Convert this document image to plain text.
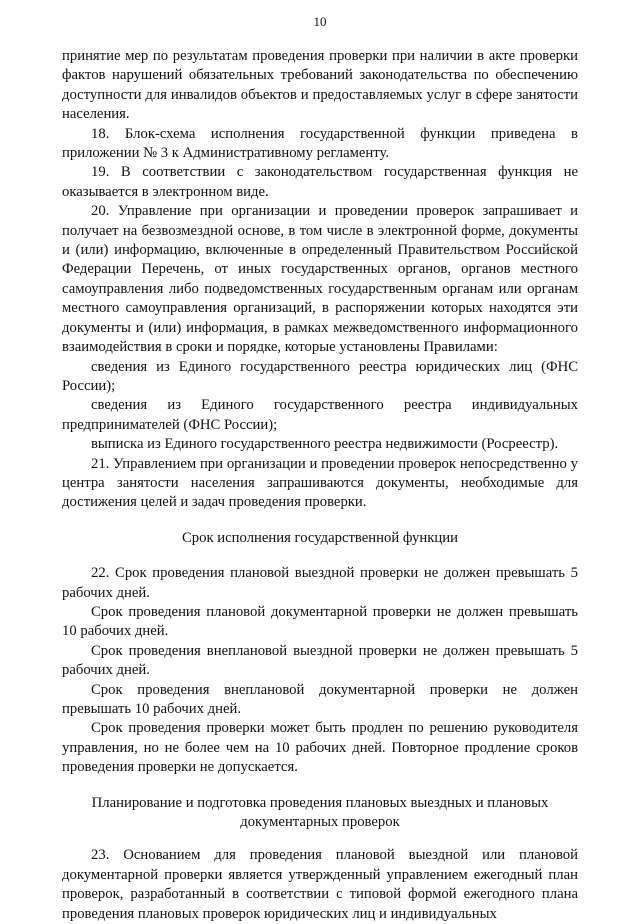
10

принятие мер по результатам проведения проверки при наличии в акте проверки фактов нарушений обязательных требований законодательства по обеспечению доступности для инвалидов объектов и предоставляемых услуг в сфере занятости населения.

18. Блок-схема исполнения государственной функции приведена в приложении № 3 к Административному регламенту.

19. В соответствии с законодательством государственная функция не оказывается в электронном виде.

20. Управление при организации и проведении проверок запрашивает и получает на безвозмездной основе, в том числе в электронной форме, документы и (или) информацию, включенные в определенный Правительством Российской Федерации Перечень, от иных государственных органов, органов местного самоуправления либо подведомственных государственным органам или органам местного самоуправления организаций, в распоряжении которых находятся эти документы и (или) информация, в рамках межведомственного информационного взаимодействия в сроки и порядке, которые установлены Правилами:

сведения из Единого государственного реестра юридических лиц (ФНС России);

сведения из Единого государственного реестра индивидуальных предпринимателей (ФНС России);

выписка из Единого государственного реестра недвижимости (Росреестр).

21. Управлением при организации и проведении проверок непосредственно у центра занятости населения запрашиваются документы, необходимые для достижения целей и задач проведения проверки.

Срок исполнения государственной функции

22. Срок проведения плановой выездной проверки не должен превышать 5 рабочих дней.

Срок проведения плановой документарной проверки не должен превышать 10 рабочих дней.

Срок проведения внеплановой выездной проверки не должен превышать 5 рабочих дней.

Срок проведения внеплановой документарной проверки не должен превышать 10 рабочих дней.

Срок проведения проверки может быть продлен по решению руководителя управления, но не более чем на 10 рабочих дней. Повторное продление сроков проведения проверки не допускается.

Планирование и подготовка проведения плановых выездных и плановых
документарных проверок

23. Основанием для проведения плановой выездной или плановой документарной проверки является утвержденный управлением ежегодный план проверок, разработанный в соответствии с типовой формой ежегодного плана проведения плановых проверок юридических лиц и индивидуальных
